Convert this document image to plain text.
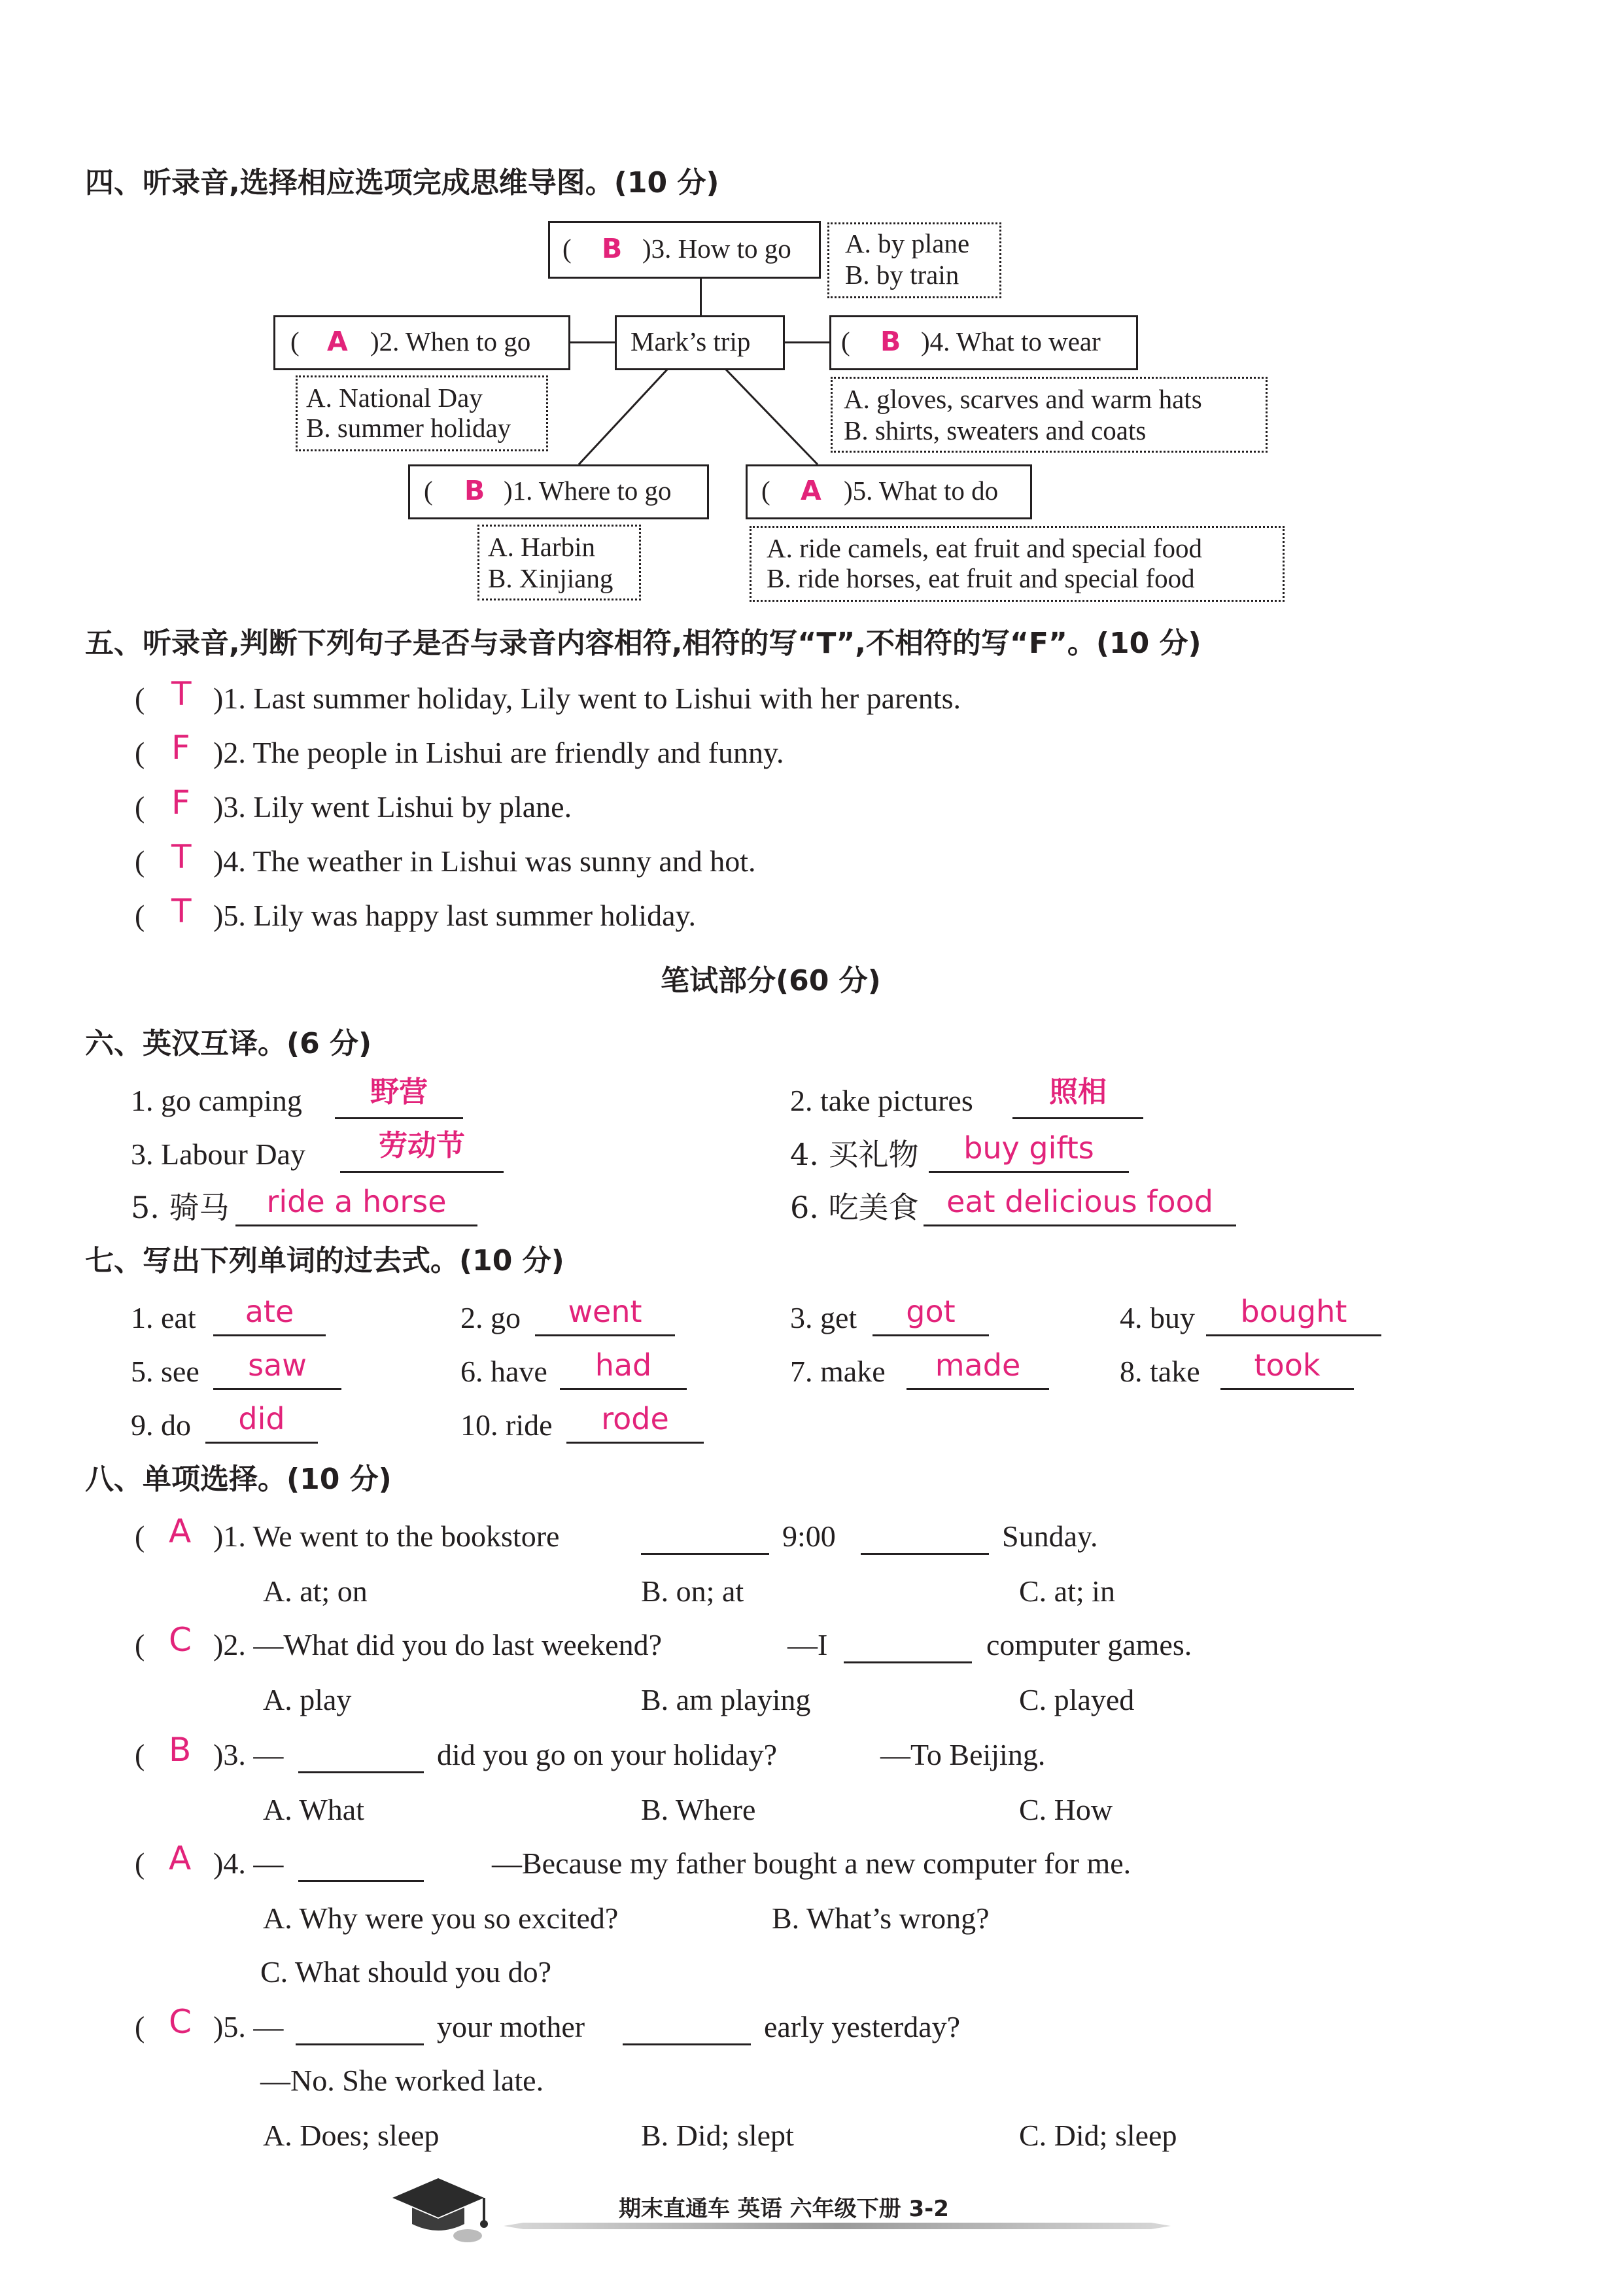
四、听录音,选择相应选项完成思维导图。(10 分)
( B )3. How to go A. by plane
B. by train
( A )2. When to go
A. National Day
B. summer holiday
Mark’s trip	( B )4. What to wear
A. gloves, scarves and warm hats
B. shirts, sweaters and coats
( B )1. Where to go
A. Harbin
B. Xinjiang
( A )5. What to do
A. ride camels, eat fruit and special food
B. ride horses, eat fruit and special food
五、听录音,判断下列句子是否与录音内容相符,相符的写“T”,不相符的写“F”。(10 分)
( T )1. Last summer holiday, Lily went to Lishui with her parents.
( F )2. The people in Lishui are friendly and funny.
( F )3. Lily went Lishui by plane.
( T )4. The weather in Lishui was sunny and hot.
( T )5. Lily was happy last summer holiday.
笔试部分(60 分)
六、英汉互译。(6 分)
1. go camping	野营	2. take pictures	照相
3. Labour Day	劳动节	4. 买礼物	buy gifts
5. 骑马	ride a horse	6. 吃美食 eat delicious food
七、写出下列单词的过去式。(10 分)
1. eat	ate	2. go	went	3. get	got	4. buy	bought
5. see	saw	6. have	had	7. make	made	8. take	took
9. do	did	10. ride	rode
八、单项选择。(10 分)
( A )1. We went to the bookstore	9:00	Sunday.
A. at; on	B. on; at	C. at; in
( C )2. —What did you do last weekend?	—I	computer games.
A. play	B. am playing	C. played
( B )3. —	did you go on your holiday?	—To Beijing.
A. What	B. Where	C. How
( A )4. —	—Because my father bought a new computer for me.
A. Why were you so excited?	B. What’s wrong?
C. What should you do?
( C )5. —	your mother	early yesterday?
—No. She worked late.
A. Does; sleep	B. Did; slept	C. Did; sleep
期末直通车 英语 六年级下册 3-2
